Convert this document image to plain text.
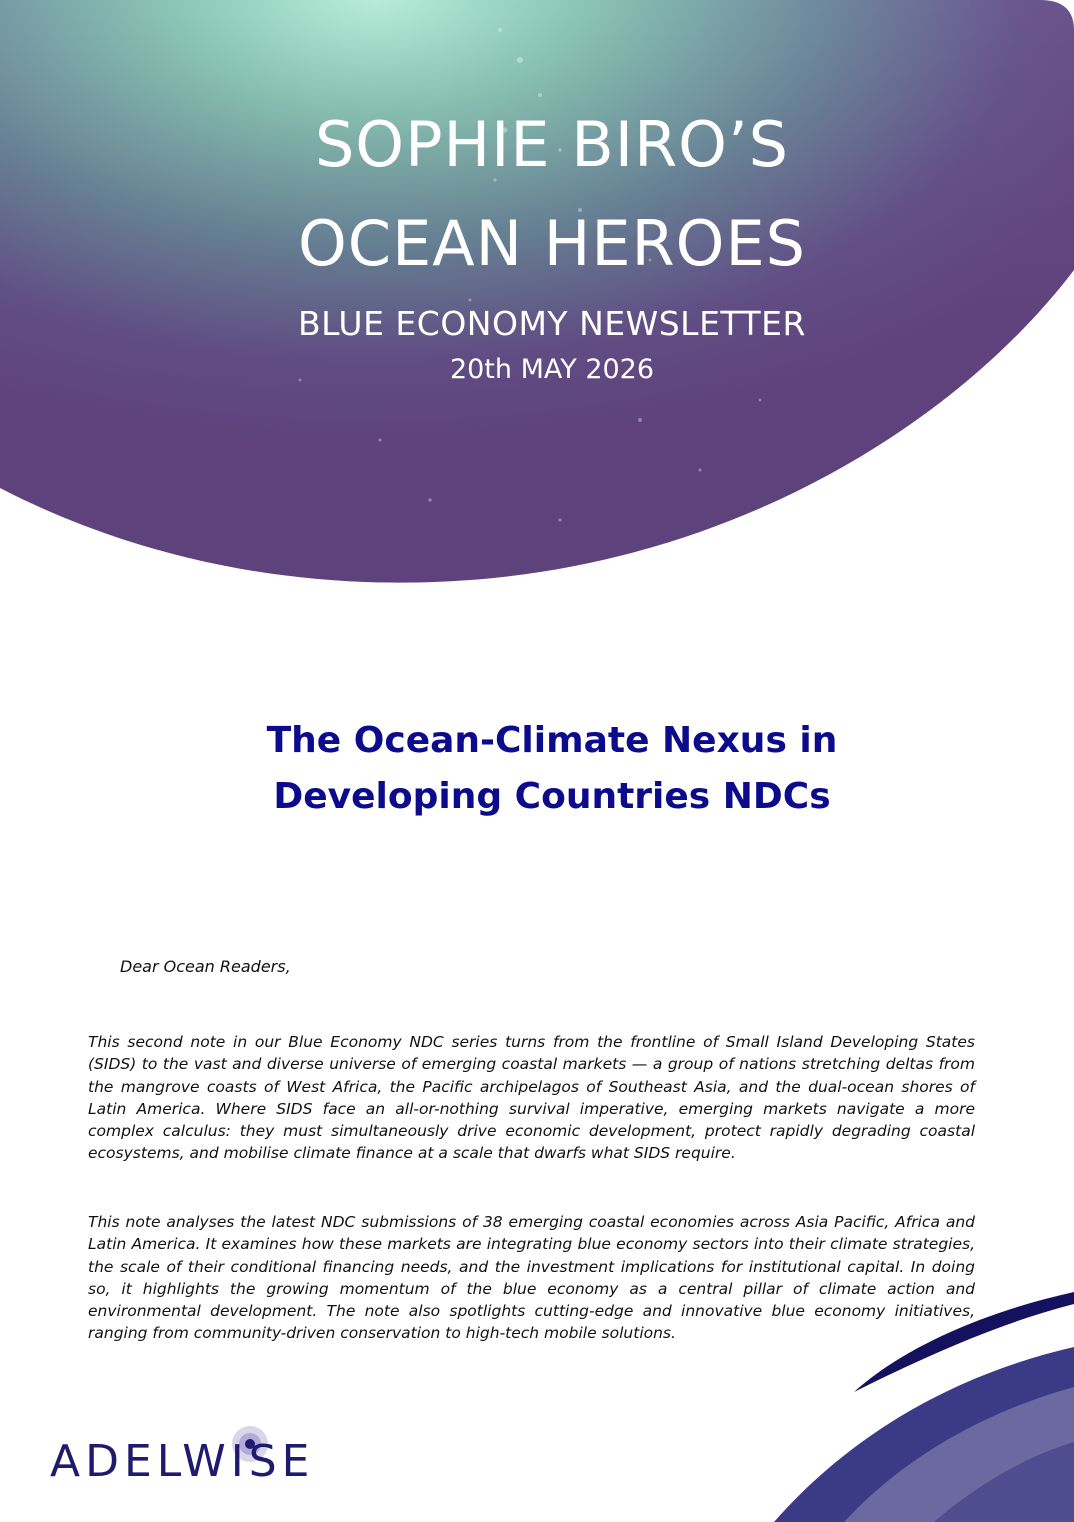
SOPHIE BIRO’S
OCEAN HEROES
BLUE ECONOMY NEWSLETTER
20th MAY 2026
The Ocean-Climate Nexus in
Developing Countries NDCs
Dear Ocean Readers,

This second note in our Blue Economy NDC series turns from the frontline of Small Island Developing States (SIDS) to the vast and diverse universe of emerging coastal markets — a group of nations stretching deltas from the mangrove coasts of West Africa, the Pacific archipelagos of Southeast Asia, and the dual-ocean shores of Latin America. Where SIDS face an all-or-nothing survival imperative, emerging markets navigate a more complex calculus: they must simultaneously drive economic development, protect rapidly degrading coastal ecosystems, and mobilise climate finance at a scale that dwarfs what SIDS require.

This note analyses the latest NDC submissions of 38 emerging coastal economies across Asia Pacific, Africa and Latin America. It examines how these markets are integrating blue economy sectors into their climate strategies, the scale of their conditional financing needs, and the investment implications for institutional capital. In doing so, it highlights the growing momentum of the blue economy as a central pillar of climate action and environmental development. The note also spotlights cutting-edge and innovative blue economy initiatives, ranging from community-driven conservation to high-tech mobile solutions.

ADELWISE
